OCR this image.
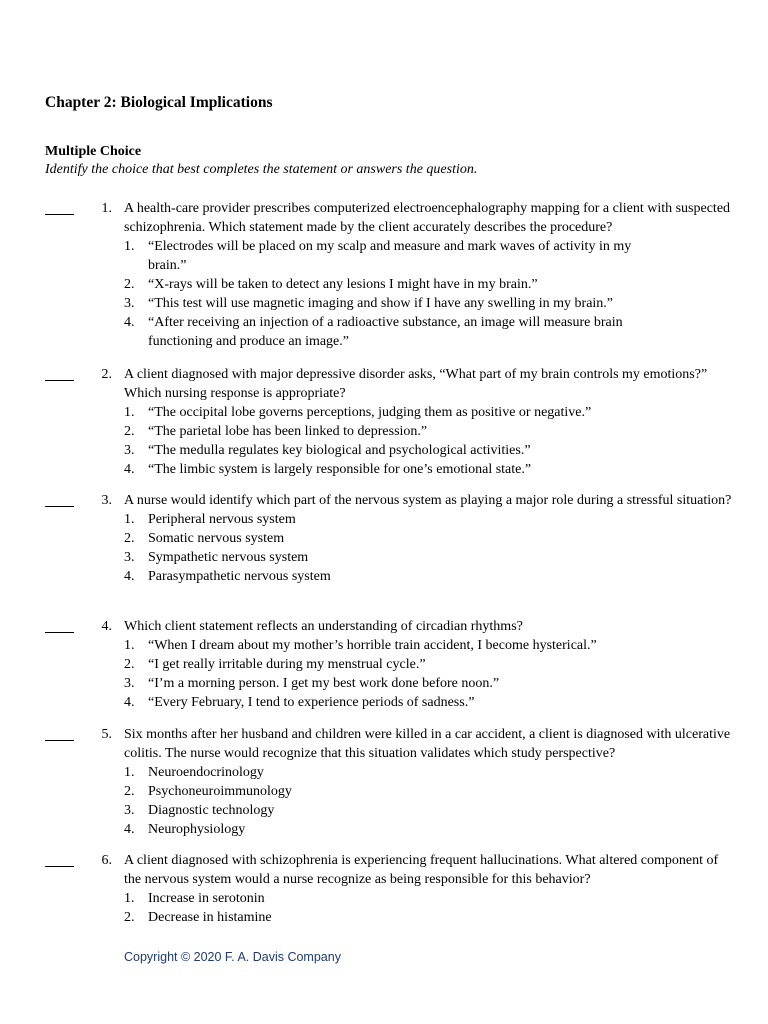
Chapter 2: Biological Implications
Multiple Choice
Identify the choice that best completes the statement or answers the question.
1. A health-care provider prescribes computerized electroencephalography mapping for a client with suspected schizophrenia. Which statement made by the client accurately describes the procedure?
1. “Electrodes will be placed on my scalp and measure and mark waves of activity in my brain.”
2. “X-rays will be taken to detect any lesions I might have in my brain.”
3. “This test will use magnetic imaging and show if I have any swelling in my brain.”
4. “After receiving an injection of a radioactive substance, an image will measure brain functioning and produce an image.”
2. A client diagnosed with major depressive disorder asks, “What part of my brain controls my emotions?” Which nursing response is appropriate?
1. “The occipital lobe governs perceptions, judging them as positive or negative.”
2. “The parietal lobe has been linked to depression.”
3. “The medulla regulates key biological and psychological activities.”
4. “The limbic system is largely responsible for one’s emotional state.”
3. A nurse would identify which part of the nervous system as playing a major role during a stressful situation?
1. Peripheral nervous system
2. Somatic nervous system
3. Sympathetic nervous system
4. Parasympathetic nervous system
4. Which client statement reflects an understanding of circadian rhythms?
1. “When I dream about my mother’s horrible train accident, I become hysterical.”
2. “I get really irritable during my menstrual cycle.”
3. “I’m a morning person. I get my best work done before noon.”
4. “Every February, I tend to experience periods of sadness.”
5. Six months after her husband and children were killed in a car accident, a client is diagnosed with ulcerative colitis. The nurse would recognize that this situation validates which study perspective?
1. Neuroendocrinology
2. Psychoneuroimmunology
3. Diagnostic technology
4. Neurophysiology
6. A client diagnosed with schizophrenia is experiencing frequent hallucinations. What altered component of the nervous system would a nurse recognize as being responsible for this behavior?
1. Increase in serotonin
2. Decrease in histamine
Copyright © 2020 F. A. Davis Company
